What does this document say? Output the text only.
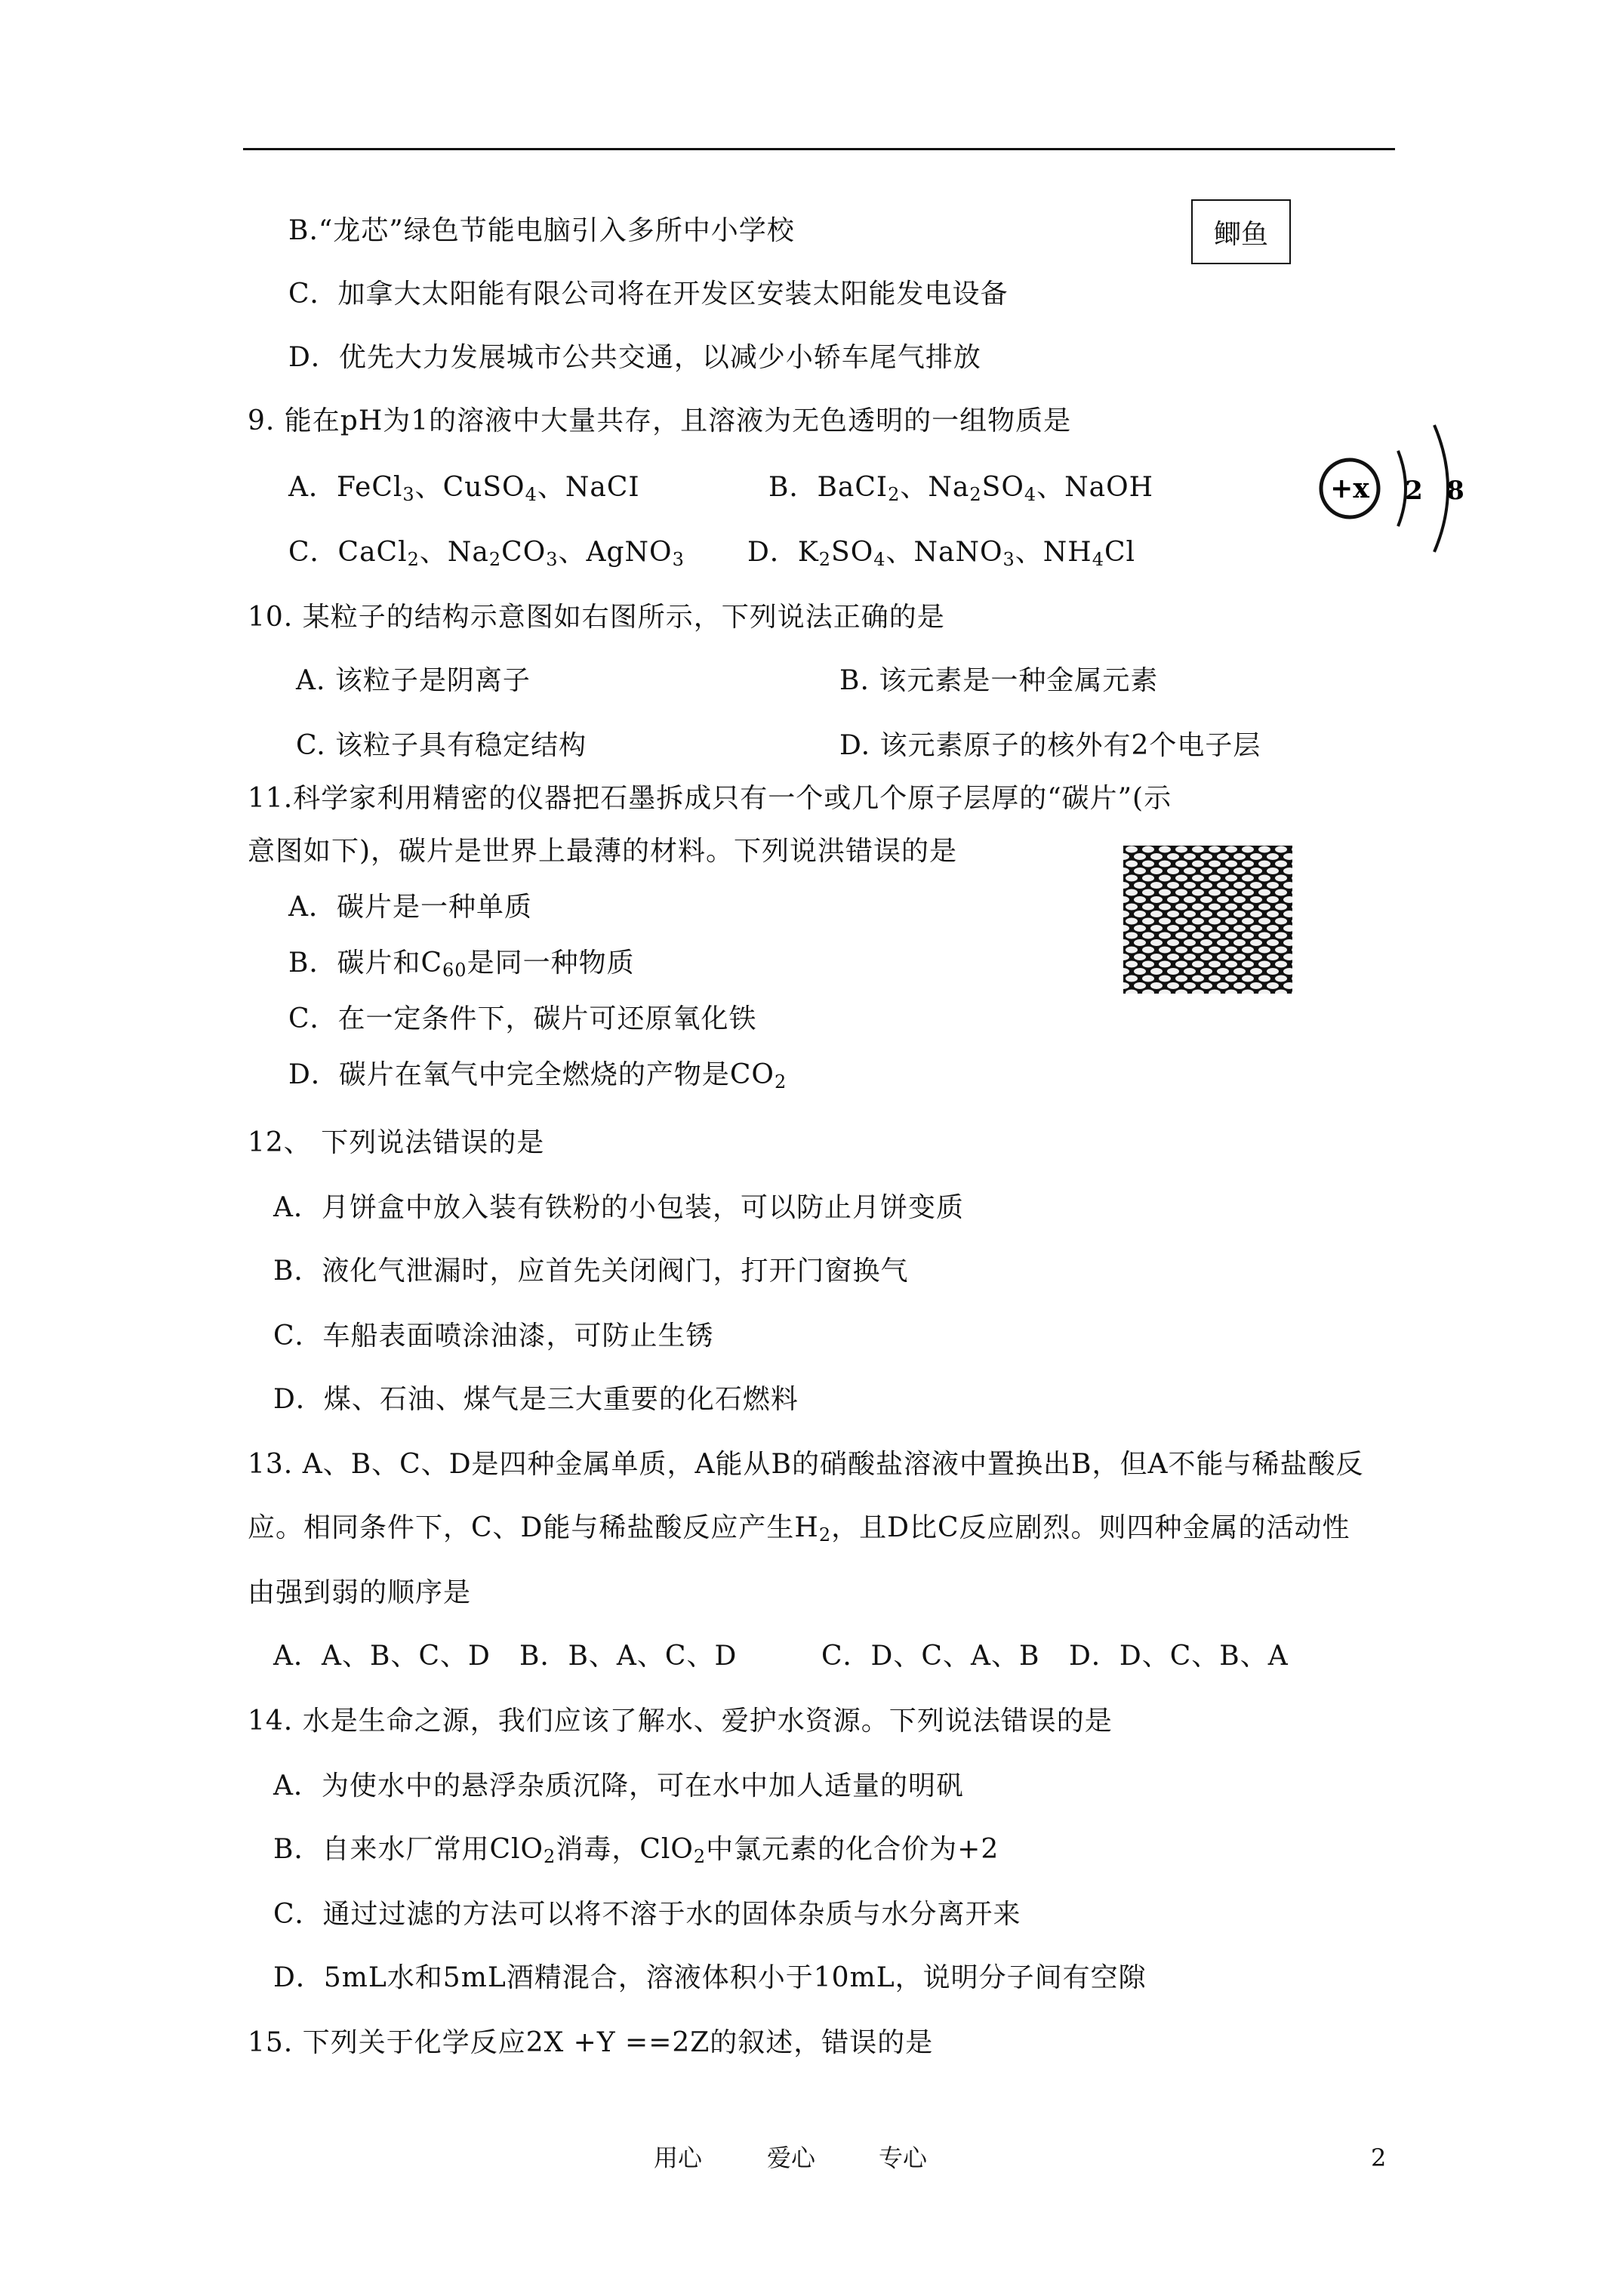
B.“龙芯”绿色节能电脑引入多所中小学校	鲫鱼
C．加拿大太阳能有限公司将在开发区安装太阳能发电设备
D．优先大力发展城市公共交通，以减少小轿车尾气排放
9. 能在pH为1的溶液中大量共存，且溶液为无色透明的一组物质是
A．FeCl$_3$、CuSO$_4$、NaCI	B．BaCI$_2$、$Na_2SO_4$、NaOH
C．CaCl$_2$、$Na_2CO_3$、AgNO$_3$ D．$K_2SO_4$、NaNO$_3$、$NH_4Cl$
+x 2 8
10. 某粒子的结构示意图如右图所示，下列说法正确的是
A. 该粒子是阴离子	B. 该元素是一种金属元素
C. 该粒子具有稳定结构	D. 该元素原子的核外有2个电子层
11.科学家利用精密的仪器把石墨拆成只有一个或几个原子层厚的“碳片”(示
意图如下)，碳片是世界上最薄的材料。下列说洪错误的是
A．碳片是一种单质
B．碳片和$C_{60}$是同一种物质
C．在一定条件下，碳片可还原氧化铁
D．碳片在氧气中完全燃烧的产物是$CO_2$
12、 下列说法错误的是
A．月饼盒中放入装有铁粉的小包装，可以防止月饼变质
B．液化气泄漏时，应首先关闭阀门，打开门窗换气
C．车船表面喷涂油漆，可防止生锈
D．煤、石油、煤气是三大重要的化石燃料
13. A、B、C、D是四种金属单质，A能从B的硝酸盐溶液中置换出B，但A不能与稀盐酸反
应。相同条件下，C、D能与稀盐酸反应产生$H_2$，且D比C反应剧烈。则四种金属的活动性
由强到弱的顺序是
A．A、B、C、D B．B、A、C、D	C．D、C、A、B D．D、C、B、A
14. 水是生命之源，我们应该了解水、爱护水资源。下列说法错误的是
A．为使水中的悬浮杂质沉降，可在水中加人适量的明矾
B．自来水厂常用ClO$_2$消毒，ClO$_2$中氯元素的化合价为+2
C．通过过滤的方法可以将不溶于水的固体杂质与水分离开来
D．5mL水和5mL酒精混合，溶液体积小于10mL，说明分子间有空隙
15. 下列关于化学反应2X +Y ==2Z的叙述，错误的是
用心	爱心	专心	2
